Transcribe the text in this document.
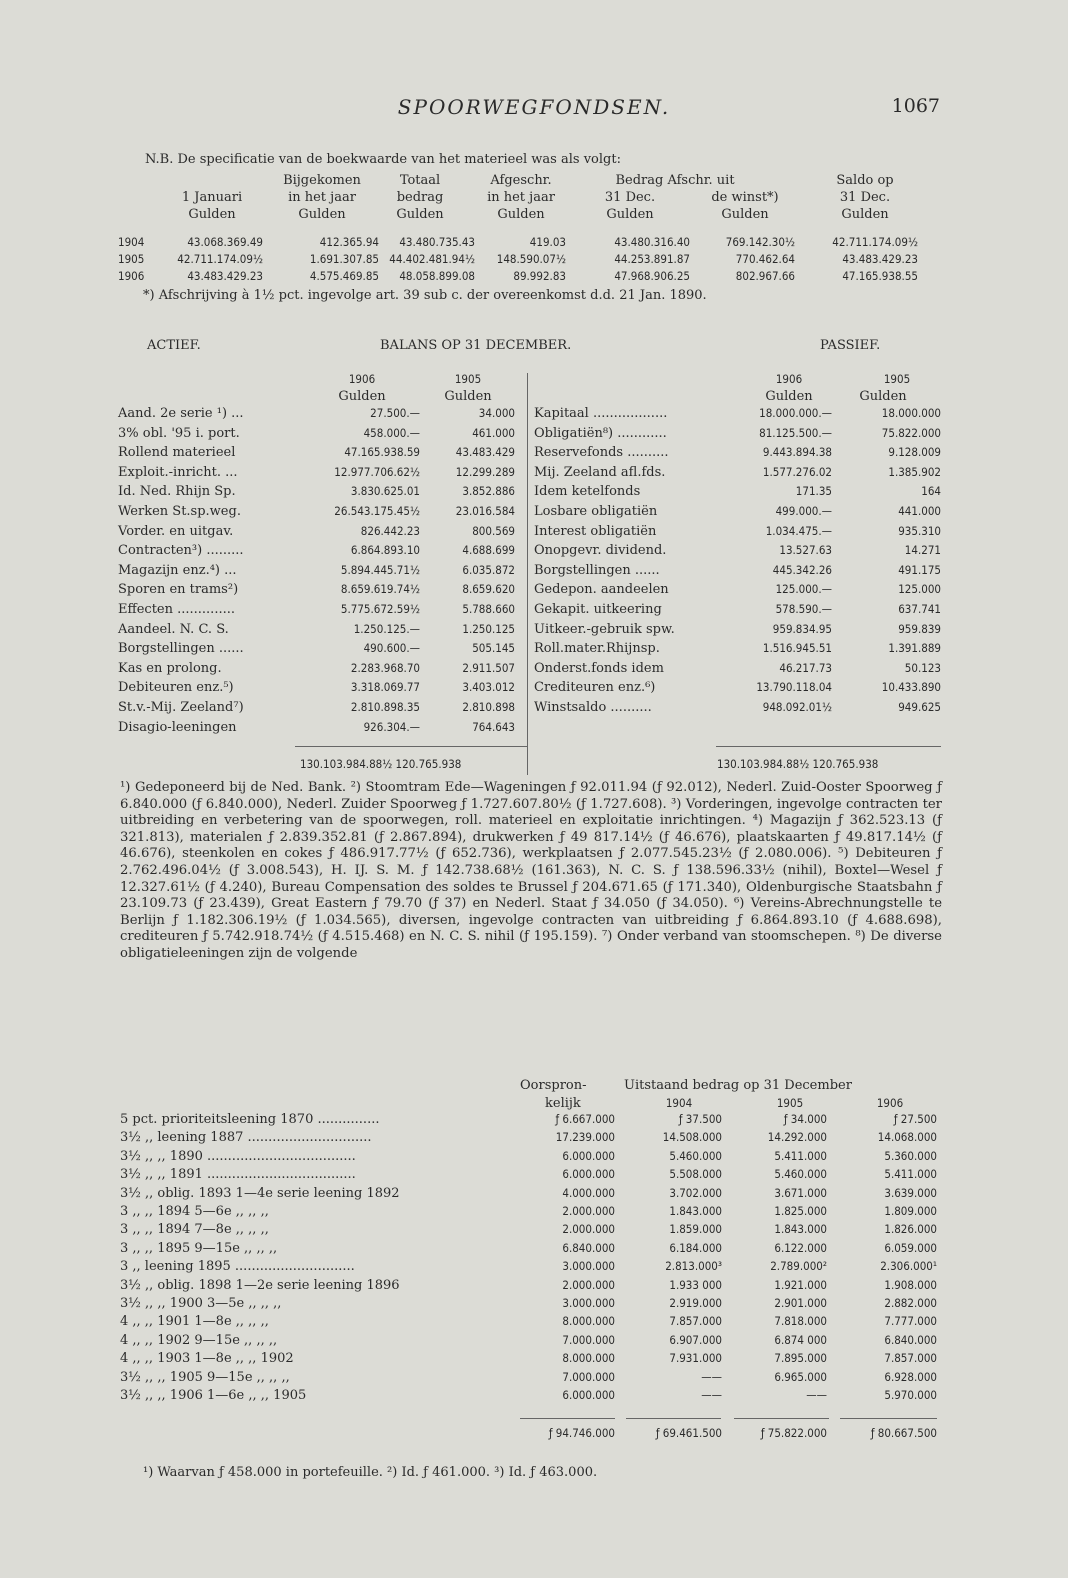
SPOORWEGFONDSEN.	1067
N.B. De specificatie van de boekwaarde van het materieel was als volgt:
Bijgekomen	Totaal	Afgeschr.	Bedrag Afschr. uit	Saldo op
1 Januari	in het jaar	bedrag	in het jaar	31 Dec.	de winst*)	31 Dec.
Gulden	Gulden	Gulden	Gulden	Gulden	Gulden	Gulden
1904	43.068.369.49	412.365.94	43.480.735.43	419.03	43.480.316.40	769.142.30½	42.711.174.09½
1905	42.711.174.09½	1.691.307.85 44.402.481.94½	148.590.07½	44.253.891.87	770.462.64	43.483.429.23
1906	43.483.429.23	4.575.469.85	48.058.899.08	89.992.83	47.968.906.25	802.967.66	47.165.938.55
*) Afschrijving à 1½ pct. ingevolge art. 39 sub c. der overeenkomst d.d. 21 Jan. 1890.
ACTIEF.	BALANS OP 31 DECEMBER.	PASSIEF.
1906	1905
Gulden	Gulden
1906	1905
Gulden	Gulden
Aand. 2e serie ¹) ...	27.500.—	34.000
3% obl. '95 i. port.	458.000.—	461.000
Rollend materieel	47.165.938.59	43.483.429
Exploit.-inricht. ...	12.977.706.62½	12.299.289
Id. Ned. Rhijn Sp.	3.830.625.01	3.852.886
Werken St.sp.weg.	26.543.175.45½	23.016.584
Vorder. en uitgav.	826.442.23	800.569
Contracten³) .........	6.864.893.10	4.688.699
Magazijn enz.⁴) ...	5.894.445.71½	6.035.872
Sporen en trams²)	8.659.619.74½	8.659.620
Effecten ..............	5.775.672.59½	5.788.660
Aandeel. N. C. S.	1.250.125.—	1.250.125
Borgstellingen ......	490.600.—	505.145
Kas en prolong.	2.283.968.70	2.911.507
Debiteuren enz.⁵)	3.318.069.77	3.403.012
St.v.-Mij. Zeeland⁷)	2.810.898.35	2.810.898
Disagio-leeningen	926.304.—	764.643
Kapitaal ..................	18.000.000.—	18.000.000
Obligatiën⁸) ............	81.125.500.—	75.822.000
Reservefonds ..........	9.443.894.38	9.128.009
Mij. Zeeland afl.fds.	1.577.276.02	1.385.902
Idem ketelfonds	171.35	164
Losbare obligatiën	499.000.—	441.000
Interest obligatiën	1.034.475.—	935.310
Onopgevr. dividend.	13.527.63	14.271
Borgstellingen ......	445.342.26	491.175
Gedepon. aandeelen	125.000.—	125.000
Gekapit. uitkeering	578.590.—	637.741
Uitkeer.-gebruik spw.	959.834.95	959.839
Roll.mater.Rhijnsp.	1.516.945.51	1.391.889
Onderst.fonds idem	46.217.73	50.123
Crediteuren enz.⁶)	13.790.118.04	10.433.890
Winstsaldo ..........	948.092.01½	949.625
130.103.984.88½ 120.765.938	130.103.984.88½ 120.765.938
¹) Gedeponeerd bij de Ned. Bank. ²) Stoomtram Ede—Wageningen ƒ 92.011.94 (ƒ 92.012), Nederl. Zuid-Ooster Spoorweg ƒ 6.840.000 (ƒ 6.840.000), Nederl. Zuider Spoorweg ƒ 1.727.607.80½ (ƒ 1.727.608). ³) Vorderingen, ingevolge contracten ter uitbreiding en verbetering van de spoorwegen, roll. materieel en exploitatie inrichtingen. ⁴) Magazijn ƒ 362.523.13 (ƒ 321.813), materialen ƒ 2.839.352.81 (ƒ 2.867.894), drukwerken ƒ 49 817.14½ (ƒ 46.676), plaatskaarten ƒ 49.817.14½ (ƒ 46.676), steenkolen en cokes ƒ 486.917.77½ (ƒ 652.736), werkplaatsen ƒ 2.077.545.23½ (ƒ 2.080.006). ⁵) Debiteuren ƒ 2.762.496.04½ (ƒ 3.008.543), H. IJ. S. M. ƒ 142.738.68½ (161.363), N. C. S. ƒ 138.596.33½ (nihil), Boxtel—Wesel ƒ 12.327.61½ (ƒ 4.240), Bureau Compensation des soldes te Brussel ƒ 204.671.65 (ƒ 171.340), Oldenburgische Staatsbahn ƒ 23.109.73 (ƒ 23.439), Great Eastern ƒ 79.70 (ƒ 37) en Nederl. Staat ƒ 34.050 (ƒ 34.050). ⁶) Vereins-Abrechnungstelle te Berlijn ƒ 1.182.306.19½ (ƒ 1.034.565), diversen, ingevolge contracten van uitbreiding ƒ 6.864.893.10 (ƒ 4.688.698), crediteuren ƒ 5.742.918.74½ (ƒ 4.515.468) en N. C. S. nihil (ƒ 195.159). ⁷) Onder verband van stoomschepen. ⁸) De diverse obligatieleeningen zijn de volgende
Oorspron-
kelijk
Uitstaand bedrag op 31 December
1904	1905	1906
5 pct. prioriteitsleening 1870 ...............	ƒ 6.667.000	ƒ 37.500	ƒ 34.000	ƒ 27.500
3½ ,, leening 1887 ..............................	17.239.000	14.508.000	14.292.000	14.068.000
3½ ,, ,, 1890 ....................................	6.000.000	5.460.000	5.411.000	5.360.000
3½ ,, ,, 1891 ....................................	6.000.000	5.508.000	5.460.000	5.411.000
3½ ,, oblig. 1893 1—4e serie leening 1892	4.000.000	3.702.000	3.671.000	3.639.000
3 ,, ,, 1894 5—6e ,, ,, ,,	2.000.000	1.843.000	1.825.000	1.809.000
3 ,, ,, 1894 7—8e ,, ,, ,,	2.000.000	1.859.000	1.843.000	1.826.000
3 ,, ,, 1895 9—15e ,, ,, ,,	6.840.000	6.184.000	6.122.000	6.059.000
3 ,, leening 1895 .............................	3.000.000	2.813.000³	2.789.000²	2.306.000¹
3½ ,, oblig. 1898 1—2e serie leening 1896	2.000.000	1.933 000	1.921.000	1.908.000
3½ ,, ,, 1900 3—5e ,, ,, ,,	3.000.000	2.919.000	2.901.000	2.882.000
4 ,, ,, 1901 1—8e ,, ,, ,,	8.000.000	7.857.000	7.818.000	7.777.000
4 ,, ,, 1902 9—15e ,, ,, ,,	7.000.000	6.907.000	6.874 000	6.840.000
4 ,, ,, 1903 1—8e ,, ,, 1902	8.000.000	7.931.000	7.895.000	7.857.000
3½ ,, ,, 1905 9—15e ,, ,, ,,	7.000.000	——	6.965.000	6.928.000
3½ ,, ,, 1906 1—6e ,, ,, 1905	6.000.000	——	——	5.970.000
ƒ 94.746.000	ƒ 69.461.500	ƒ 75.822.000	ƒ 80.667.500
¹) Waarvan ƒ 458.000 in portefeuille. ²) Id. ƒ 461.000. ³) Id. ƒ 463.000.
